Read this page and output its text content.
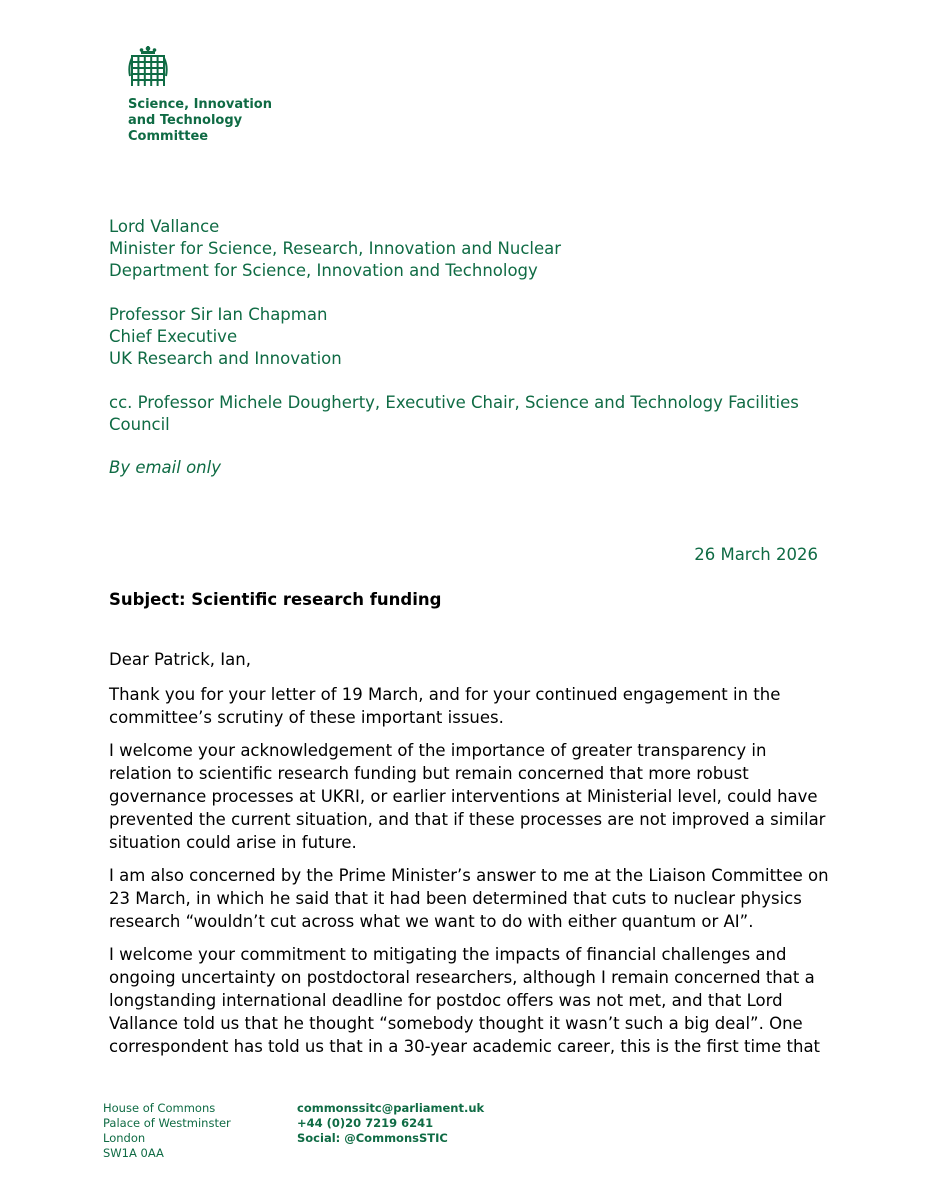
Science, Innovation
and Technology
Committee
Lord Vallance
Minister for Science, Research, Innovation and Nuclear
Department for Science, Innovation and Technology
Professor Sir Ian Chapman
Chief Executive
UK Research and Innovation
cc. Professor Michele Dougherty, Executive Chair, Science and Technology Facilities
Council
By email only
26 March 2026
Subject: Scientific research funding

Dear Patrick, Ian,

Thank you for your letter of 19 March, and for your continued engagement in the committee’s scrutiny of these important issues.

I welcome your acknowledgement of the importance of greater transparency in relation to scientific research funding but remain concerned that more robust governance processes at UKRI, or earlier interventions at Ministerial level, could have prevented the current situation, and that if these processes are not improved a similar situation could arise in future.

I am also concerned by the Prime Minister’s answer to me at the Liaison Committee on 23 March, in which he said that it had been determined that cuts to nuclear physics research “wouldn’t cut across what we want to do with either quantum or AI”.

I welcome your commitment to mitigating the impacts of financial challenges and ongoing uncertainty on postdoctoral researchers, although I remain concerned that a longstanding international deadline for postdoc offers was not met, and that Lord Vallance told us that he thought “somebody thought it wasn’t such a big deal”. One correspondent has told us that in a 30-year academic career, this is the first time that

House of Commons
Palace of Westminster
London
SW1A 0AA
commonssitc@parliament.uk
+44 (0)20 7219 6241
Social: @CommonsSTIC
